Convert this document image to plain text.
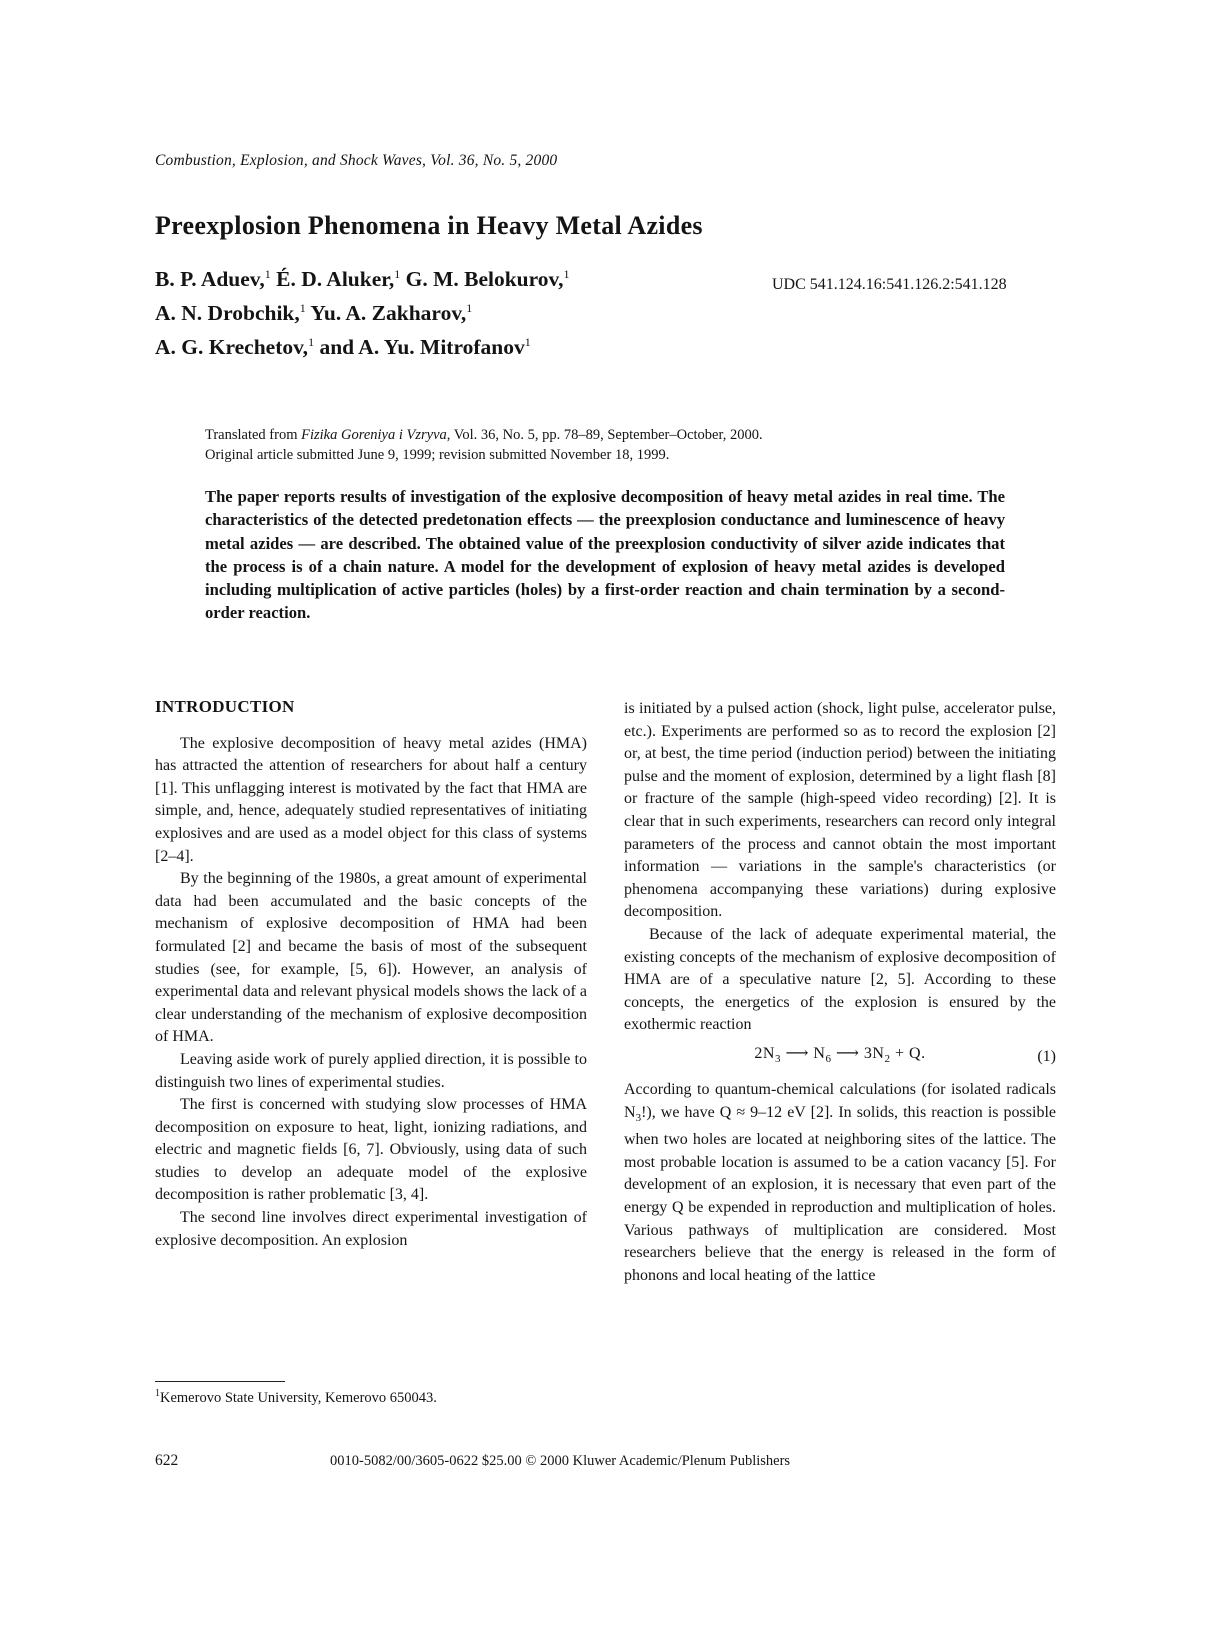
Combustion, Explosion, and Shock Waves, Vol. 36, No. 5, 2000
Preexplosion Phenomena in Heavy Metal Azides
B. P. Aduev,$^1$ É. D. Aluker,$^1$ G. M. Belokurov,$^1$
A. N. Drobchik,$^1$ Yu. A. Zakharov,$^1$
A. G. Krechetov,$^1$ and A. Yu. Mitrofanov$^1$
UDC 541.124.16:541.126.2:541.128
Translated from Fizika Goreniya i Vzryva, Vol. 36, No. 5, pp. 78–89, September–October, 2000.
Original article submitted June 9, 1999; revision submitted November 18, 1999.
The paper reports results of investigation of the explosive decomposition of heavy metal azides in real time. The characteristics of the detected predetonation effects — the preexplosion conductance and luminescence of heavy metal azides — are described. The obtained value of the preexplosion conductivity of silver azide indicates that the process is of a chain nature. A model for the development of explosion of heavy metal azides is developed including multiplication of active particles (holes) by a first-order reaction and chain termination by a second-order reaction.
INTRODUCTION

The explosive decomposition of heavy metal azides (HMA) has attracted the attention of researchers for about half a century [1]. This unflagging interest is motivated by the fact that HMA are simple, and, hence, adequately studied representatives of initiating explosives and are used as a model object for this class of systems [2–4].

By the beginning of the 1980s, a great amount of experimental data had been accumulated and the basic concepts of the mechanism of explosive decomposition of HMA had been formulated [2] and became the basis of most of the subsequent studies (see, for example, [5, 6]). However, an analysis of experimental data and relevant physical models shows the lack of a clear understanding of the mechanism of explosive decomposition of HMA.

Leaving aside work of purely applied direction, it is possible to distinguish two lines of experimental studies.

The first is concerned with studying slow processes of HMA decomposition on exposure to heat, light, ionizing radiations, and electric and magnetic fields [6, 7]. Obviously, using data of such studies to develop an adequate model of the explosive decomposition is rather problematic [3, 4].

The second line involves direct experimental investigation of explosive decomposition. An explosion

is initiated by a pulsed action (shock, light pulse, accelerator pulse, etc.). Experiments are performed so as to record the explosion [2] or, at best, the time period (induction period) between the initiating pulse and the moment of explosion, determined by a light flash [8] or fracture of the sample (high-speed video recording) [2]. It is clear that in such experiments, researchers can record only integral parameters of the process and cannot obtain the most important information — variations in the sample's characteristics (or phenomena accompanying these variations) during explosive decomposition.

Because of the lack of adequate experimental material, the existing concepts of the mechanism of explosive decomposition of HMA are of a speculative nature [2, 5]. According to these concepts, the energetics of the explosion is ensured by the exothermic reaction

$2N_3$ ⟶ $N_6$ ⟶ $3N_2 + Q$.	(1)

According to quantum-chemical calculations (for isolated radicals $N_3$!), we have Q ≈ 9–12 eV [2]. In solids, this reaction is possible when two holes are located at neighboring sites of the lattice. The most probable location is assumed to be a cation vacancy [5]. For development of an explosion, it is necessary that even part of the energy Q be expended in reproduction and multiplication of holes. Various pathways of multiplication are considered. Most researchers believe that the energy is released in the form of phonons and local heating of the lattice

$^1$Kemerovo State University, Kemerovo 650043.
622	0010-5082/00/3605-0622 $25.00 © 2000 Kluwer Academic/Plenum Publishers
